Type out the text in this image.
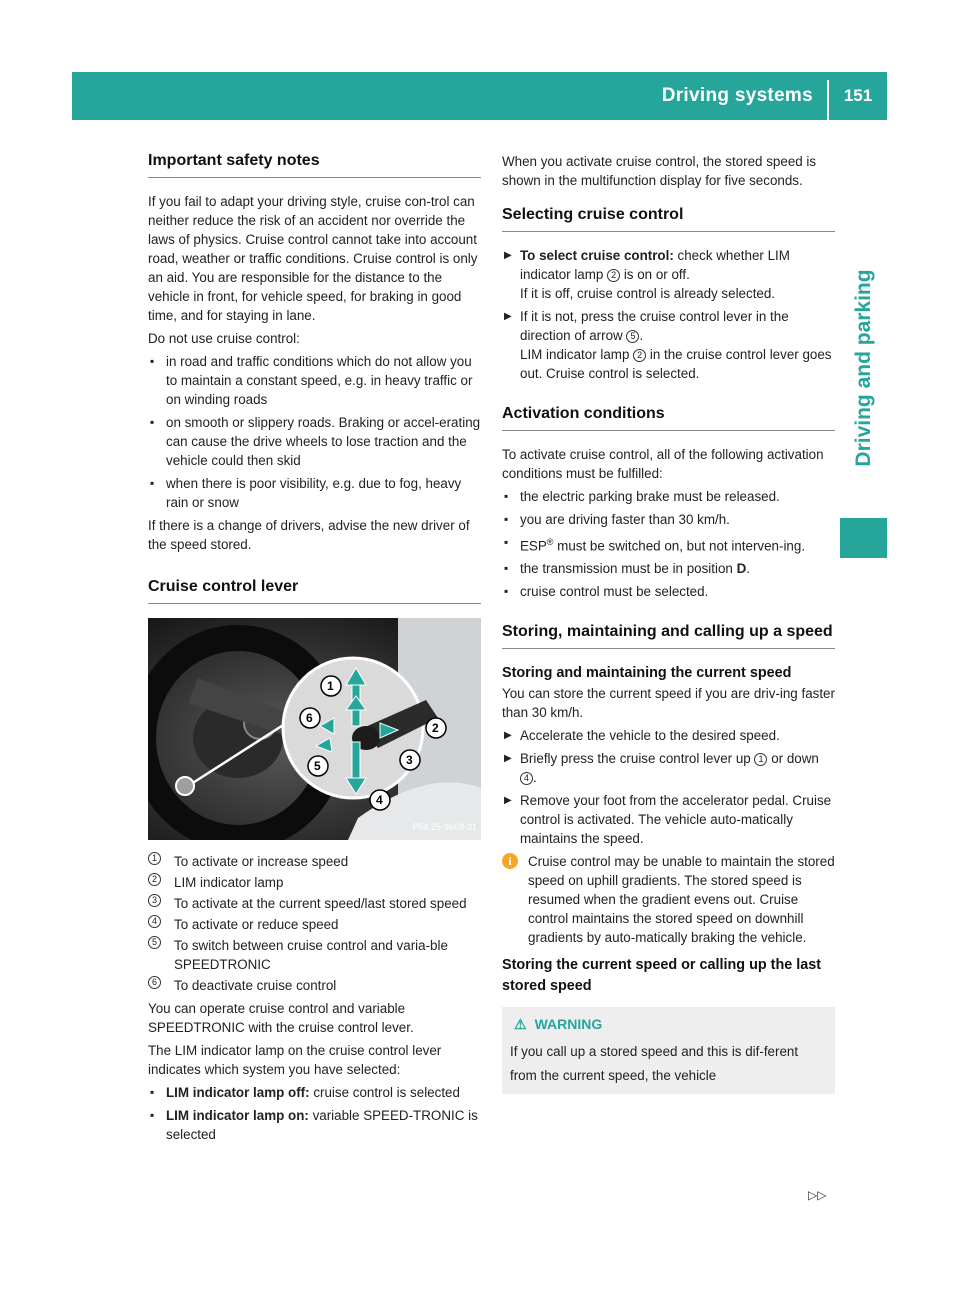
Driving systems	151
Driving and parking
Important safety notes

If you fail to adapt your driving style, cruise con-trol can neither reduce the risk of an accident nor override the laws of physics. Cruise control cannot take into account road, weather or traffic conditions. Cruise control is only an aid. You are responsible for the distance to the vehicle in front, for vehicle speed, for braking in good time, and for staying in lane.

Do not use cruise control:

▪ in road and traffic conditions which do not allow you to maintain a constant speed, e.g. in heavy traffic or on winding roads
▪ on smooth or slippery roads. Braking or accel-erating can cause the drive wheels to lose traction and the vehicle could then skid
▪ when there is poor visibility, e.g. due to fog, heavy rain or snow

If there is a change of drivers, advise the new driver of the speed stored.

Cruise control lever
1
2
3
4
5
6
P54.25-9668-31
1 To activate or increase speed
2 LIM indicator lamp
3 To activate at the current speed/last stored speed
4 To activate or reduce speed
5 To switch between cruise control and varia-ble SPEEDTRONIC
6 To deactivate cruise control

You can operate cruise control and variable SPEEDTRONIC with the cruise control lever.

The LIM indicator lamp on the cruise control lever indicates which system you have selected:

▪ LIM indicator lamp off: cruise control is selected
▪ LIM indicator lamp on: variable SPEED-TRONIC is selected

When you activate cruise control, the stored speed is shown in the multifunction display for five seconds.

Selecting cruise control
▶ To select cruise control: check whether LIM indicator lamp 2 is on or off.
If it is off, cruise control is already selected.
▶ If it is not, press the cruise control lever in the direction of arrow 5 .
LIM indicator lamp 2 in the cruise control lever goes out. Cruise control is selected.
Activation conditions

To activate cruise control, all of the following activation conditions must be fulfilled:

▪ the electric parking brake must be released.
▪ you are driving faster than 30 km/h.
▪ ESP® must be switched on, but not interven-ing.
▪ the transmission must be in position D.
▪ cruise control must be selected.
Storing, maintaining and calling up a speed
Storing and maintaining the current speed

You can store the current speed if you are driv-ing faster than 30 km/h.

▶ Accelerate the vehicle to the desired speed.
▶ Briefly press the cruise control lever up 1 or down 4 .
▶ Remove your foot from the accelerator pedal. Cruise control is activated. The vehicle auto-matically maintains the speed.
i	Cruise control may be unable to maintain the stored speed on uphill gradients. The stored speed is resumed when the gradient evens out. Cruise control maintains the stored speed on downhill gradients by auto-matically braking the vehicle.
Storing the current speed or calling up the last stored speed
⚠ WARNING
If you call up a stored speed and this is dif-ferent from the current speed, the vehicle
▷▷
